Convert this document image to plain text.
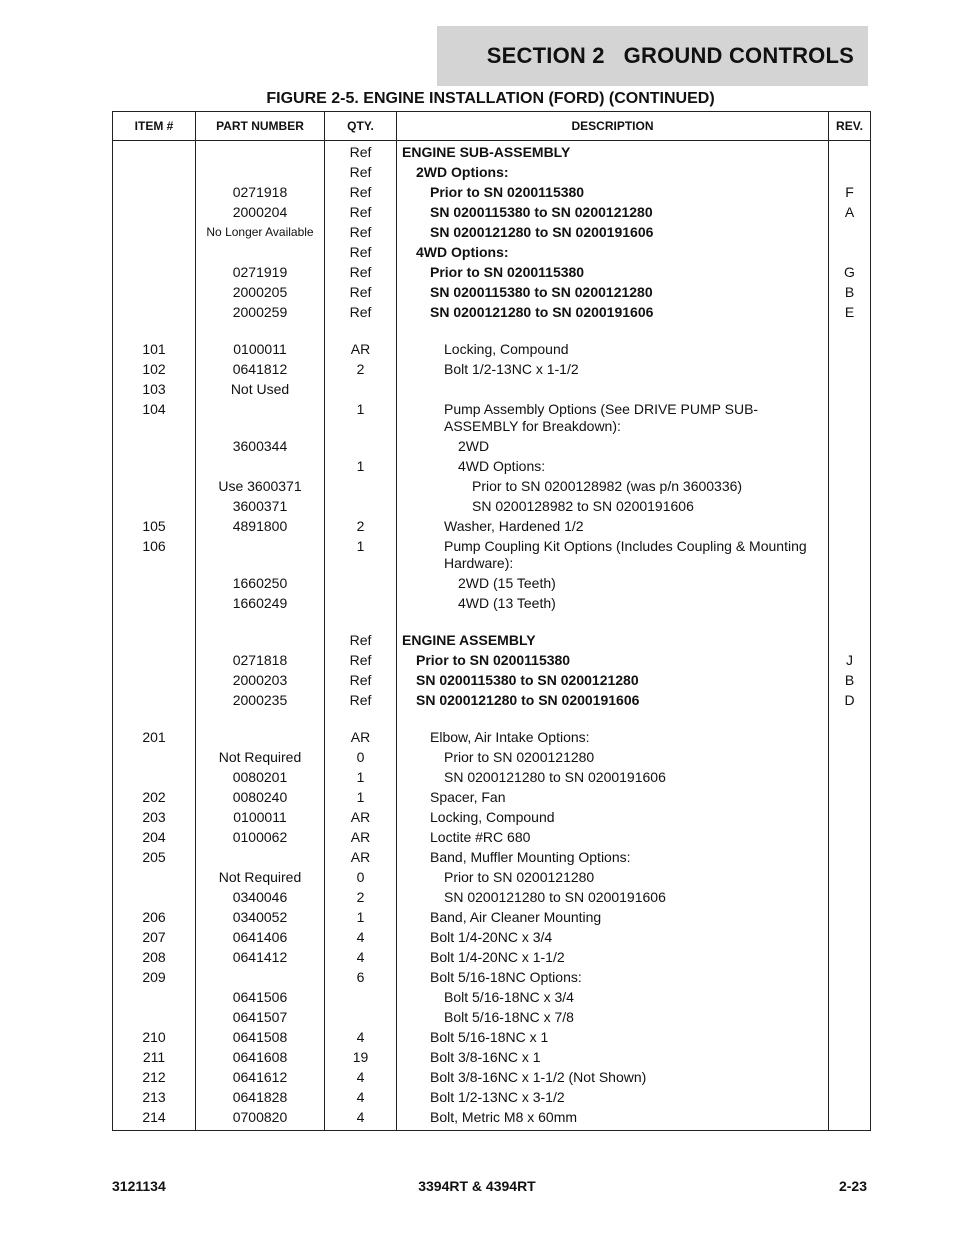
SECTION 2   GROUND CONTROLS
FIGURE 2-5. ENGINE INSTALLATION (FORD) (CONTINUED)
ITEM #	PART NUMBER	QTY.	DESCRIPTION	REV.
		Ref	ENGINE SUB-ASSEMBLY	

		Ref	2WD Options:	

	0271918	Ref	Prior to SN 0200115380	F
	2000204	Ref	SN 0200115380 to SN 0200121280	A
	No Longer Available	Ref	SN 0200121280 to SN 0200191606	

		Ref	4WD Options:	

	0271919	Ref	Prior to SN 0200115380	G
	2000205	Ref	SN 0200115380 to SN 0200121280	B
	2000259	Ref	SN 0200121280 to SN 0200191606	E

101	0100011	AR	Locking, Compound	

102	0641812	2	Bolt 1/2-13NC x 1-1/2	

103	Not Used		

104		1	Pump Assembly Options (See DRIVE PUMP SUB-ASSEMBLY for Breakdown):	

	3600344		2WD	

		1	4WD Options:	

	Use 3600371		Prior to SN 0200128982 (was p/n 3600336)	

	3600371		SN 0200128982 to SN 0200191606	

105	4891800	2	Washer, Hardened 1/2	

106		1	Pump Coupling Kit Options (Includes Coupling & Mounting Hardware):	

	1660250		2WD (15 Teeth)	

	1660249		4WD (13 Teeth)	

		Ref	ENGINE ASSEMBLY	

	0271818	Ref	Prior to SN 0200115380	J
	2000203	Ref	SN 0200115380 to SN 0200121280	B
	2000235	Ref	SN 0200121280 to SN 0200191606	D

201		AR	Elbow, Air Intake Options:	

	Not Required	0	Prior to SN 0200121280	

	0080201	1	SN 0200121280 to SN 0200191606	

202	0080240	1	Spacer, Fan	

203	0100011	AR	Locking, Compound	

204	0100062	AR	Loctite #RC 680	

205		AR	Band, Muffler Mounting Options:	

	Not Required	0	Prior to SN 0200121280	

	0340046	2	SN 0200121280 to SN 0200191606	

206	0340052	1	Band, Air Cleaner Mounting	

207	0641406	4	Bolt 1/4-20NC x 3/4	

208	0641412	4	Bolt 1/4-20NC x 1-1/2	

209		6	Bolt 5/16-18NC Options:	

	0641506		Bolt 5/16-18NC x 3/4	

	0641507		Bolt 5/16-18NC x 7/8	

210	0641508	4	Bolt 5/16-18NC x 1	

211	0641608	19	Bolt 3/8-16NC x 1	

212	0641612	4	Bolt 3/8-16NC x 1-1/2 (Not Shown)	

213	0641828	4	Bolt 1/2-13NC x 3-1/2	

214	0700820	4	Bolt, Metric M8 x 60mm	

3121134	3394RT & 4394RT	2-23
